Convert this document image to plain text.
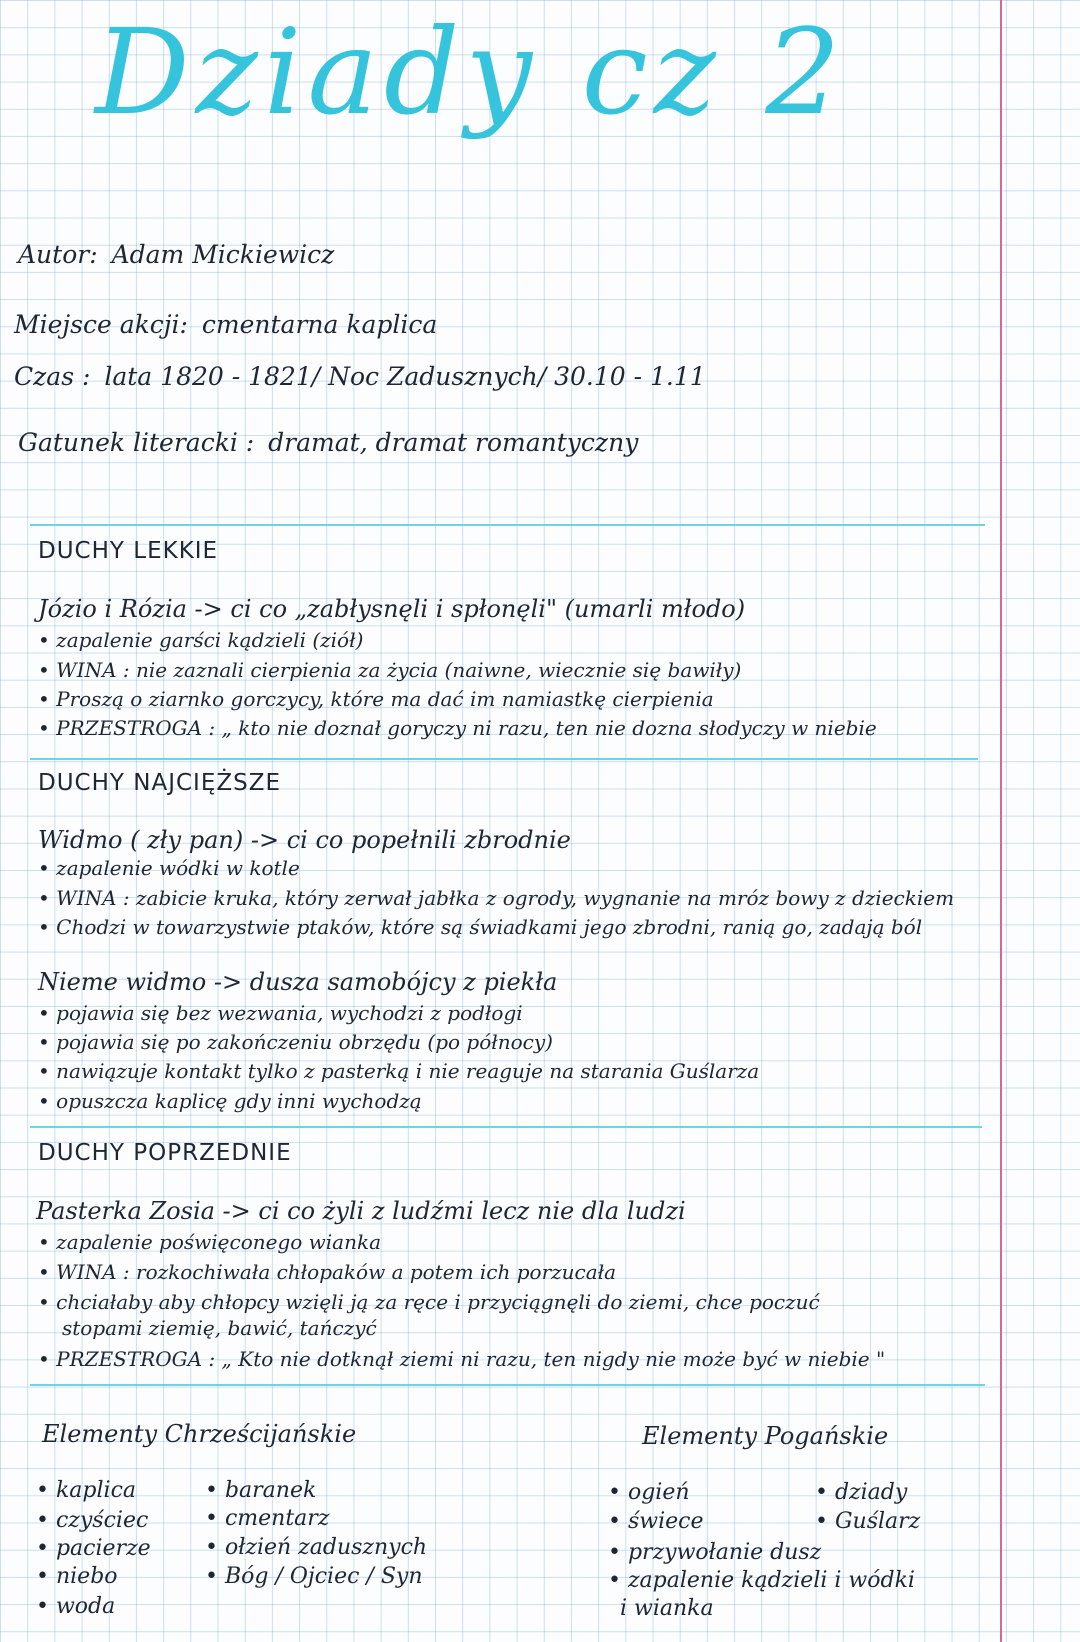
Dziady cz 2
Autor: Adam Mickiewicz
Miejsce akcji: cmentarna kaplica
Czas : lata 1820 - 1821/ Noc Zadusznych/ 30.10 - 1.11
Gatunek literacki : dramat, dramat romantyczny
DUCHY LEKKIE
Józio i Rózia -> ci co „zabłysnęli i spłonęli" (umarli młodo)
• zapalenie garści kądzieli (ziół)
• WINA : nie zaznali cierpienia za życia (naiwne, wiecznie się bawiły)
• Proszą o ziarnko gorczycy, które ma dać im namiastkę cierpienia
• PRZESTROGA : „ kto nie doznał goryczy ni razu, ten nie dozna słodyczy w niebie
DUCHY NAJCIĘŻSZE
Widmo ( zły pan) -> ci co popełnili zbrodnie
• zapalenie wódki w kotle
• WINA : zabicie kruka, który zerwał jabłka z ogrody, wygnanie na mróz bowy z dzieckiem
• Chodzi w towarzystwie ptaków, które są świadkami jego zbrodni, ranią go, zadają ból
Nieme widmo -> dusza samobójcy z piekła
• pojawia się bez wezwania, wychodzi z podłogi
• pojawia się po zakończeniu obrzędu (po północy)
• nawiązuje kontakt tylko z pasterką i nie reaguje na starania Guślarza
• opuszcza kaplicę gdy inni wychodzą
DUCHY POPRZEDNIE
Pasterka Zosia -> ci co żyli z ludźmi lecz nie dla ludzi
• zapalenie poświęconego wianka
• WINA : rozkochiwała chłopaków a potem ich porzucała
• chciałaby aby chłopcy wzięli ją za ręce i przyciągnęli do ziemi, chce poczuć
stopami ziemię, bawić, tańczyć
• PRZESTROGA : „ Kto nie dotknął ziemi ni razu, ten nigdy nie może być w niebie "
Elementy Chrześcijańskie	Elementy Pogańskie
• kaplica
• czyściec
• pacierze
• niebo
• woda
• baranek
• cmentarz
• ołzień zadusznych
• Bóg / Ojciec / Syn
• ogień
• świece
• przywołanie dusz
• zapalenie kądzieli i wódki
i wianka
• dziady
• Guślarz
